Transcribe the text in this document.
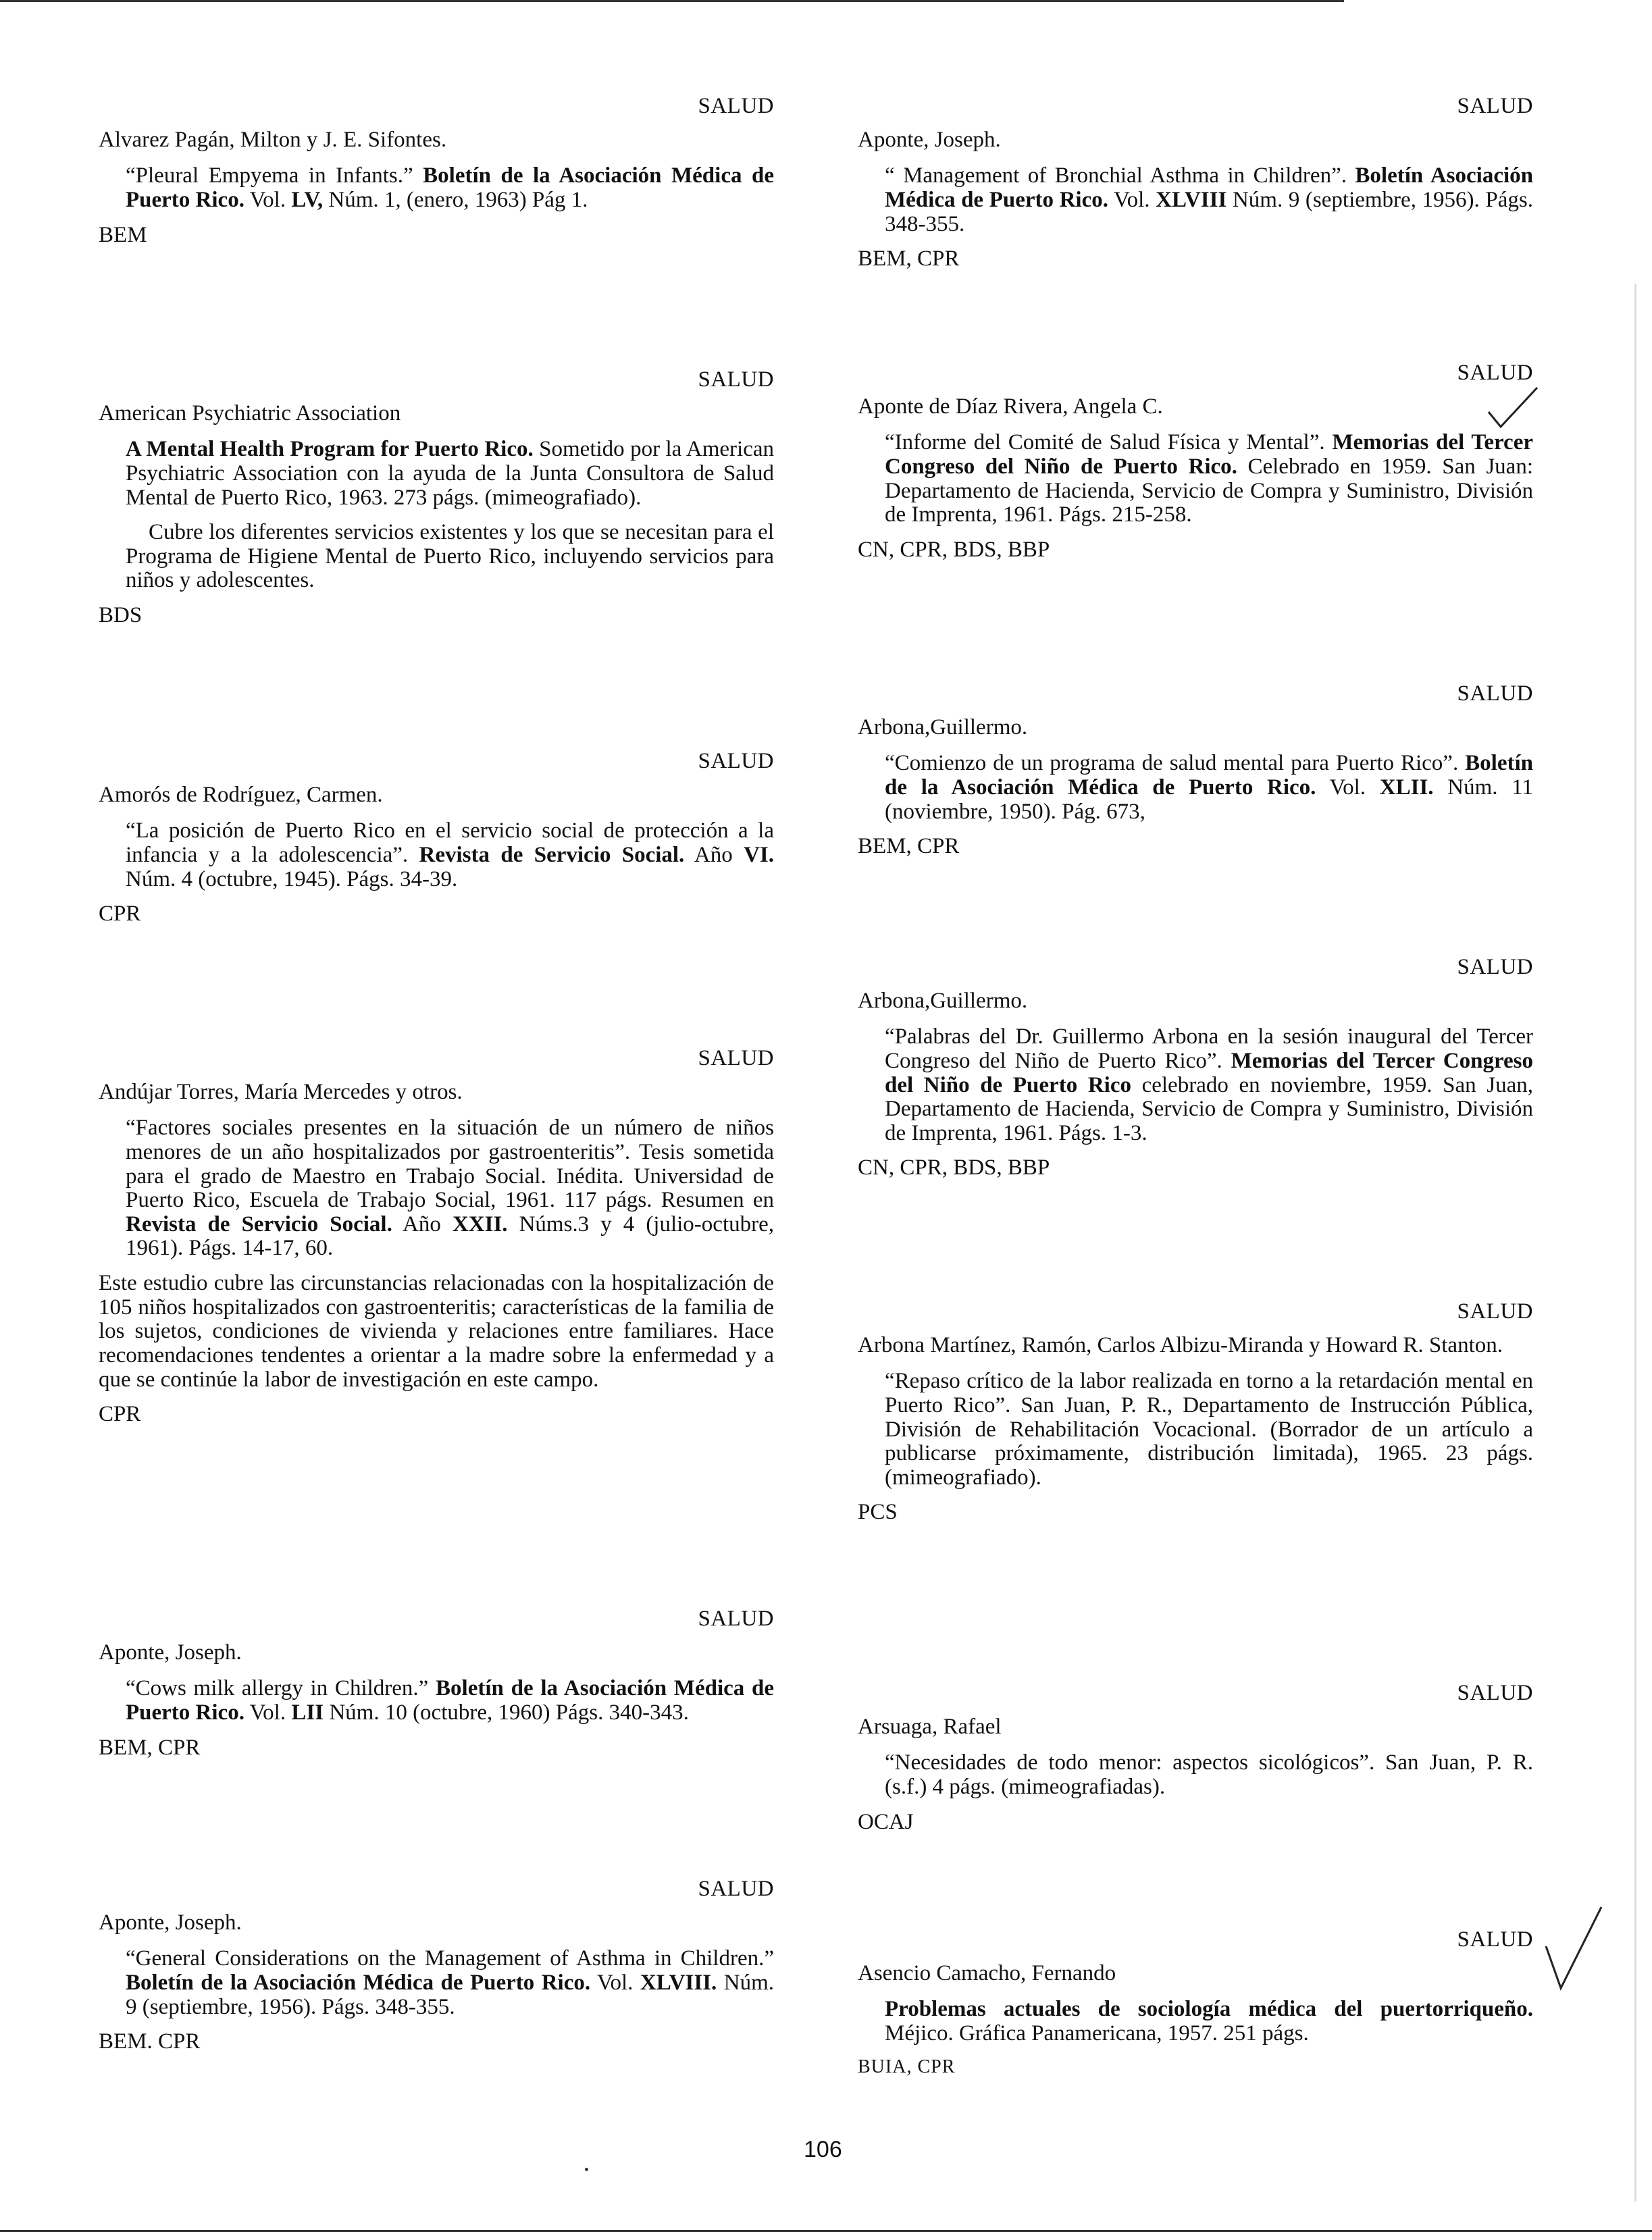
SALUD
Alvarez Pagán, Milton y J. E. Sifontes.
“Pleural Empyema in Infants.” Boletín de la Asociación Médica de Puerto Rico. Vol. LV, Núm. 1, (enero, 1963) Pág 1.
BEM
SALUD
American Psychiatric Association
A Mental Health Program for Puerto Rico. Sometido por la American Psychiatric Association con la ayuda de la Junta Consultora de Salud Mental de Puerto Rico, 1963. 273 págs. (mimeografiado).
Cubre los diferentes servicios existentes y los que se necesitan para el Programa de Higiene Mental de Puerto Rico, incluyendo servicios para niños y adolescentes.
BDS
SALUD
Amorós de Rodríguez, Carmen.
“La posición de Puerto Rico en el servicio social de protección a la infancia y a la adolescencia”. Revista de Servicio Social. Año VI. Núm. 4 (octubre, 1945). Págs. 34-39.
CPR
SALUD
Andújar Torres, María Mercedes y otros.
“Factores sociales presentes en la situación de un número de niños menores de un año hospitalizados por gastroenteritis”. Tesis sometida para el grado de Maestro en Trabajo Social. Inédita. Universidad de Puerto Rico, Escuela de Trabajo Social, 1961. 117 págs. Resumen en Revista de Servicio Social. Año XXII. Núms.3 y 4 (julio-octubre, 1961). Págs. 14-17, 60.
Este estudio cubre las circunstancias relacionadas con la hospitalización de 105 niños hospitalizados con gastroenteritis; características de la familia de los sujetos, condiciones de vivienda y relaciones entre familiares. Hace recomendaciones tendentes a orientar a la madre sobre la enfermedad y a que se continúe la labor de investigación en este campo.
CPR
SALUD
Aponte, Joseph.
“Cows milk allergy in Children.” Boletín de la Asociación Médica de Puerto Rico. Vol. LII Núm. 10 (octubre, 1960) Págs. 340-343.
BEM, CPR
SALUD
Aponte, Joseph.
“General Considerations on the Management of Asthma in Children.” Boletín de la Asociación Médica de Puerto Rico. Vol. XLVIII. Núm. 9 (septiembre, 1956). Págs. 348-355.
BEM. CPR
SALUD
Aponte, Joseph.
“ Management of Bronchial Asthma in Children”. Boletín Asociación Médica de Puerto Rico. Vol. XLVIII Núm. 9 (septiembre, 1956). Págs. 348-355.
BEM, CPR
SALUD
Aponte de Díaz Rivera, Angela C.
“Informe del Comité de Salud Física y Mental”. Memorias del Tercer Congreso del Niño de Puerto Rico. Celebrado en 1959. San Juan: Departamento de Hacienda, Servicio de Compra y Suministro, División de Imprenta, 1961. Págs. 215-258.
CN, CPR, BDS, BBP
SALUD
Arbona,Guillermo.
“Comienzo de un programa de salud mental para Puerto Rico”. Boletín de la Asociación Médica de Puerto Rico. Vol. XLII. Núm. 11 (noviembre, 1950). Pág. 673,
BEM, CPR
SALUD
Arbona,Guillermo.
“Palabras del Dr. Guillermo Arbona en la sesión inaugural del Tercer Congreso del Niño de Puerto Rico”. Memorias del Tercer Congreso del Niño de Puerto Rico celebrado en noviembre, 1959. San Juan, Departamento de Hacienda, Servicio de Compra y Suministro, División de Imprenta, 1961. Págs. 1-3.
CN, CPR, BDS, BBP
SALUD
Arbona Martínez, Ramón, Carlos Albizu-Miranda y Howard R. Stanton.
“Repaso crítico de la labor realizada en torno a la retardación mental en Puerto Rico”. San Juan, P. R., Departamento de Instrucción Pública, División de Rehabilitación Vocacional. (Borrador de un artículo a publicarse próximamente, distribución limitada), 1965. 23 págs. (mimeografiado).
PCS
SALUD
Arsuaga, Rafael
“Necesidades de todo menor: aspectos sicológicos”. San Juan, P. R. (s.f.) 4 págs. (mimeografiadas).
OCAJ
SALUD
Asencio Camacho, Fernando
Problemas actuales de sociología médica del puertorriqueño. Méjico. Gráfica Panamericana, 1957. 251 págs.
BUIA, CPR
106
